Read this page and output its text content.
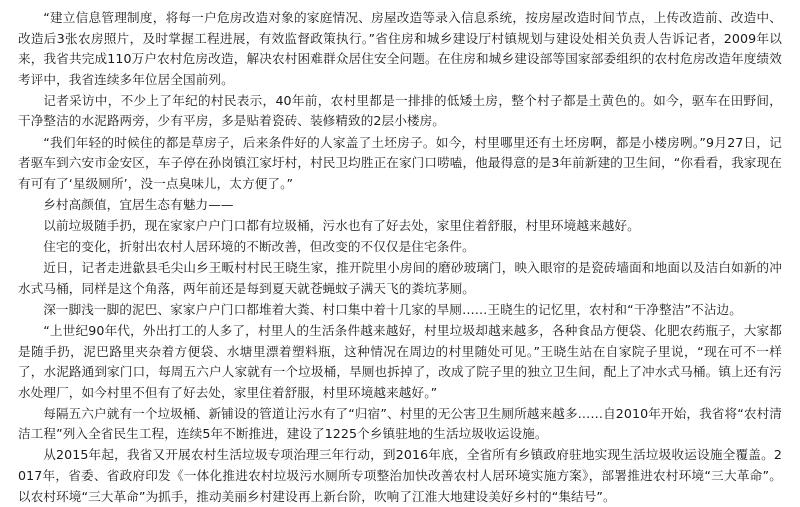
“建立信息管理制度，将每一户危房改造对象的家庭情况、房屋改造等录入信息系统，按房屋改造时间节点，上传改造前、改造中、改造后3张农房照片，及时掌握工程进展，有效监督政策执行。”省住房和城乡建设厅村镇规划与建设处相关负责人告诉记者，2009年以来，我省共完成110万户农村危房改造，解决农村困难群众居住安全问题。在住房和城乡建设部等国家部委组织的农村危房改造年度绩效考评中，我省连续多年位居全国前列。

记者采访中，不少上了年纪的村民表示，40年前，农村里都是一排排的低矮土房，整个村子都是土黄色的。如今，驱车在田野间，干净整洁的水泥路两旁，少有平房，多是贴着瓷砖、装修精致的2层小楼房。

“我们年轻的时候住的都是草房子，后来条件好的人家盖了土坯房子。如今，村里哪里还有土坯房啊，都是小楼房咧。”9月27日，记者驱车到六安市金安区，车子停在孙岗镇江家圩村，村民卫均胜正在家门口唠嗑，他最得意的是3年前新建的卫生间，“你看看，我家现在有可有了‘星级厕所’，没一点臭味儿，太方便了。”

乡村高颜值，宜居生态有魅力——

以前垃圾随手扔，现在家家户户门口都有垃圾桶，污水也有了好去处，家里住着舒服，村里环境越来越好。

住宅的变化，折射出农村人居环境的不断改善，但改变的不仅仅是住宅条件。

近日，记者走进歙县毛尖山乡王畈村村民王晓生家，推开院里小房间的磨砂玻璃门，映入眼帘的是瓷砖墙面和地面以及洁白如新的冲水式马桶，同样是这个角落，两年前还是每到夏天就苍蝇蚊子满天飞的粪坑茅厕。

深一脚浅一脚的泥巴、家家户户门口都堆着大粪、村口集中着十几家的旱厕……王晓生的记忆里，农村和“干净整洁”不沾边。

“上世纪90年代，外出打工的人多了，村里人的生活条件越来越好，村里垃圾却越来越多，各种食品方便袋、化肥农药瓶子，大家都是随手扔，泥巴路里夹杂着方便袋、水塘里漂着塑料瓶，这种情况在周边的村里随处可见。”王晓生站在自家院子里说，“现在可不一样了，水泥路通到家门口，每周五六户人家就有一个垃圾桶，旱厕也拆掉了，改成了院子里的独立卫生间，配上了冲水式马桶。镇上还有污水处理厂，如今村里不但有了好去处，家里住着舒服，村里环境越来越好。”

每隔五六户就有一个垃圾桶、新铺设的管道让污水有了“归宿”、村里的无公害卫生厕所越来越多……自2010年开始，我省将“农村清洁工程”列入全省民生工程，连续5年不断推进，建设了1225个乡镇驻地的生活垃圾收运设施。

从2015年起，我省又开展农村生活垃圾专项治理三年行动，到2016年底，全省所有乡镇政府驻地实现生活垃圾收运设施全覆盖。2017年，省委、省政府印发《一体化推进农村垃圾污水厕所专项整治加快改善农村人居环境实施方案》，部署推进农村环境“三大革命”。以农村环境“三大革命”为抓手，推动美丽乡村建设再上新台阶，吹响了江淮大地建设美好乡村的“集结号”。
